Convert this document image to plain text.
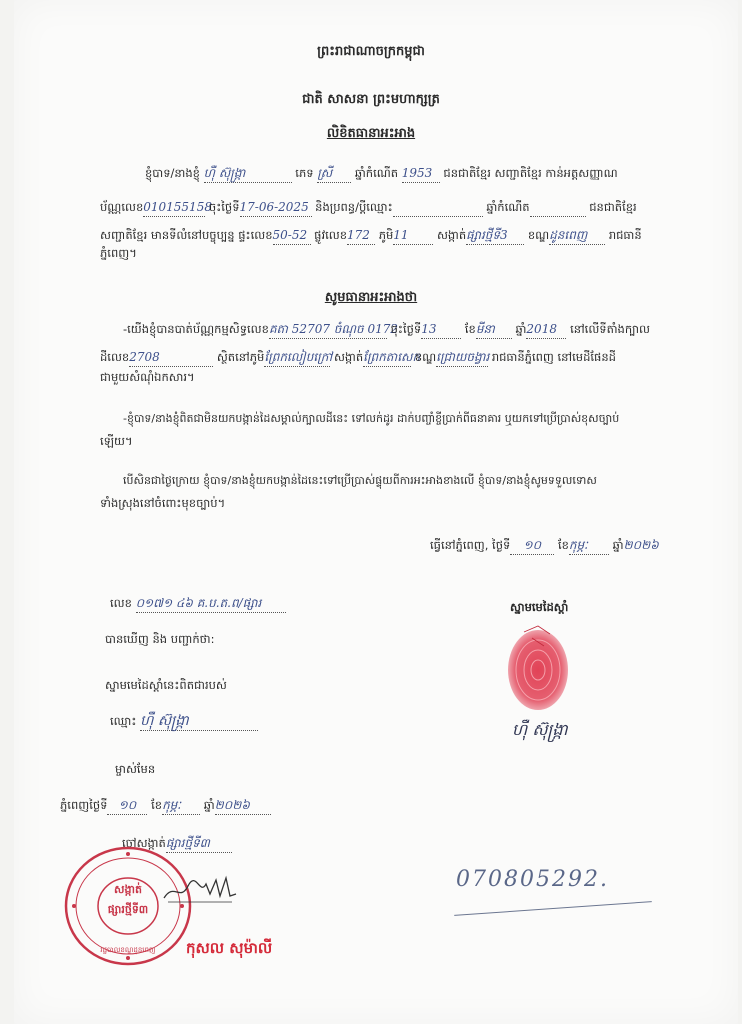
ព្រះរាជាណាចក្រកម្ពុជា
ជាតិ សាសនា ព្រះមហាក្សត្រ
លិខិតធានាអះអាង
ខ្ញុំបាទ/នាងខ្ញុំ ហ៊ឺ ស៊ុង្រ្កា	ភេទ ស្រី ឆ្នាំកំណើត 1953 ជនជាតិខ្មែរ សញ្ជាតិខ្មែរ កាន់អត្តសញ្ញាណ
ប័ណ្ណលេខ010155158 ចុះថ្ងៃទី17-06-2025 និងប្រពន្ធ/ប្ដីឈ្មោះ	ឆ្នាំកំណើត	ជនជាតិខ្មែរ
សញ្ជាតិខ្មែរ មានទីលំនៅបច្ចុប្បន្ន ផ្ទះលេខ50-52 ផ្លូវលេខ172 ភូមិ11 សង្កាត់ផ្សារថ្មីទី3 ខណ្ឌដូនពេញ រាជធានី
ភ្នំពេញ។
សូមធានាអះអាងថា
-យើងខ្ញុំបានបាត់ប័ណ្ណកម្មសិទ្ធលេខគតា 52707 ចំណុច 0172 ចុះថ្ងៃទី13 ខែមីនា ឆ្នាំ2018 នៅលើទីតាំងក្បាល
ដីលេខ2708	ស្ថិតនៅភូមិព្រែកលៀបក្រៅ សង្កាត់ព្រែកតាសេក ខណ្ឌជ្រោយចង្វារ រាជធានីភ្នំពេញ នៅមេដីផែនដី
ជាមួយសំណុំឯកសារ។
-ខ្ញុំបាទ/នាងខ្ញុំពិតជាមិនយកបង្កាន់ដៃសម្គាល់ក្បាលដីនេះ ទៅលក់ដូរ ដាក់បញ្ចាំខ្ចីប្រាក់ពីធនាគារ ឬយកទៅប្រើប្រាស់ខុសច្បាប់
ឡើយ។
បើសិនជាថ្ងៃក្រោយ ខ្ញុំបាទ/នាងខ្ញុំយកបង្កាន់ដៃនេះទៅប្រើប្រាស់ផ្ទុយពីការអះអាងខាងលើ ខ្ញុំបាទ/នាងខ្ញុំសូមទទួលទោស
ទាំងស្រុងនៅចំពោះមុខច្បាប់។
ធ្វើនៅភ្នំពេញ, ថ្ងៃទី ១០ ខែកុម្ភៈ ឆ្នាំ២០២៦
លេខ ០១៧១ ៤៦ គ.ប.ត.ព/ផ្សារ	ស្នាមមេដៃស្ដាំ
បានឃើញ និង បញ្ជាក់ថា:
ស្នាមមេដៃស្ដាំនេះពិតជារបស់
ឈ្មោះ ហ៊ឺ ស៊ុង្រ្កា
ម្ចាស់មែន
ភ្នំពេញថ្ងៃទី ១០ ខែកុម្ភៈ ឆ្នាំ២០២៦
ចៅសង្កាត់ផ្សារថ្មីទី៣
សង្កាត់
ផ្សារថ្មីទី៣
រដ្ឋបាលខណ្ឌដូនពេញ	កុសល សុម៉ាលី
ហ៊ឺ ស៊ុង្រ្កា
070805292.
